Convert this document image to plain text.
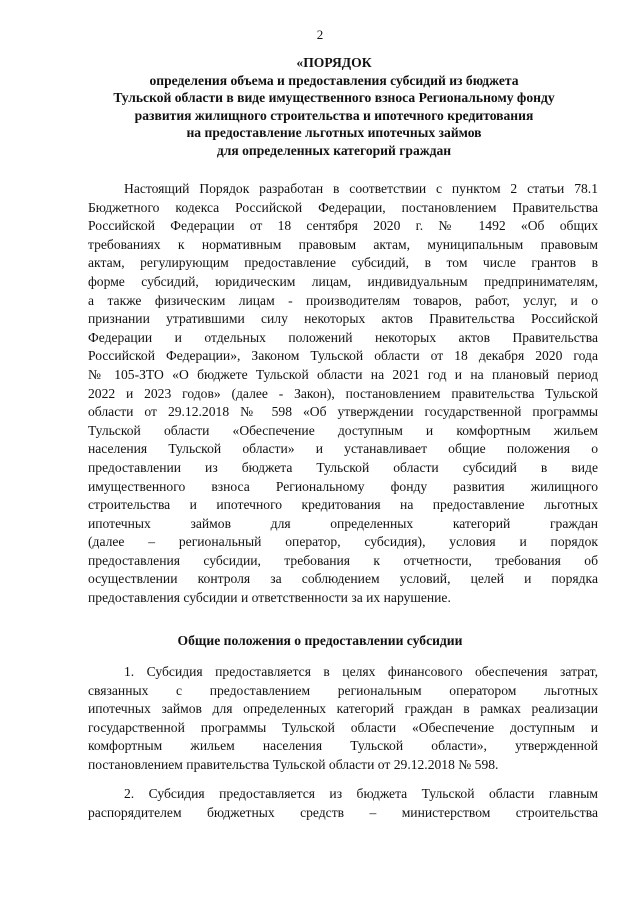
2
«ПОРЯДОК
определения объема и предоставления субсидий из бюджета
Тульской области в виде имущественного взноса Региональному фонду
развития жилищного строительства и ипотечного кредитования
на предоставление льготных ипотечных займов
для определенных категорий граждан
Настоящий Порядок разработан в соответствии с пунктом 2 статьи 78.1
Бюджетного кодекса Российской Федерации, постановлением Правительства
Российской Федерации от 18 сентября 2020 г. № 1492 «Об общих
требованиях к нормативным правовым актам, муниципальным правовым
актам, регулирующим предоставление субсидий, в том числе грантов в
форме субсидий, юридическим лицам, индивидуальным предпринимателям,
а также физическим лицам - производителям товаров, работ, услуг, и о
признании утратившими силу некоторых актов Правительства Российской
Федерации и отдельных положений некоторых актов Правительства
Российской Федерации», Законом Тульской области от 18 декабря 2020 года
№ 105-ЗТО «О бюджете Тульской области на 2021 год и на плановый период
2022 и 2023 годов» (далее - Закон), постановлением правительства Тульской
области от 29.12.2018 № 598 «Об утверждении государственной программы
Тульской области «Обеспечение доступным и комфортным жильем
населения Тульской области» и устанавливает общие положения о
предоставлении из бюджета Тульской области субсидий в виде
имущественного взноса Региональному фонду развития жилищного
строительства и ипотечного кредитования на предоставление льготных
ипотечных займов для определенных категорий граждан
(далее – региональный оператор, субсидия), условия и порядок
предоставления субсидии, требования к отчетности, требования об
осуществлении контроля за соблюдением условий, целей и порядка
предоставления субсидии и ответственности за их нарушение.
Общие положения о предоставлении субсидии
1. Субсидия предоставляется в целях финансового обеспечения затрат,
связанных с предоставлением региональным оператором льготных
ипотечных займов для определенных категорий граждан в рамках реализации
государственной программы Тульской области «Обеспечение доступным и
комфортным жильем населения Тульской области», утвержденной
постановлением правительства Тульской области от 29.12.2018 № 598.
2. Субсидия предоставляется из бюджета Тульской области главным
распорядителем бюджетных средств – министерством строительства
